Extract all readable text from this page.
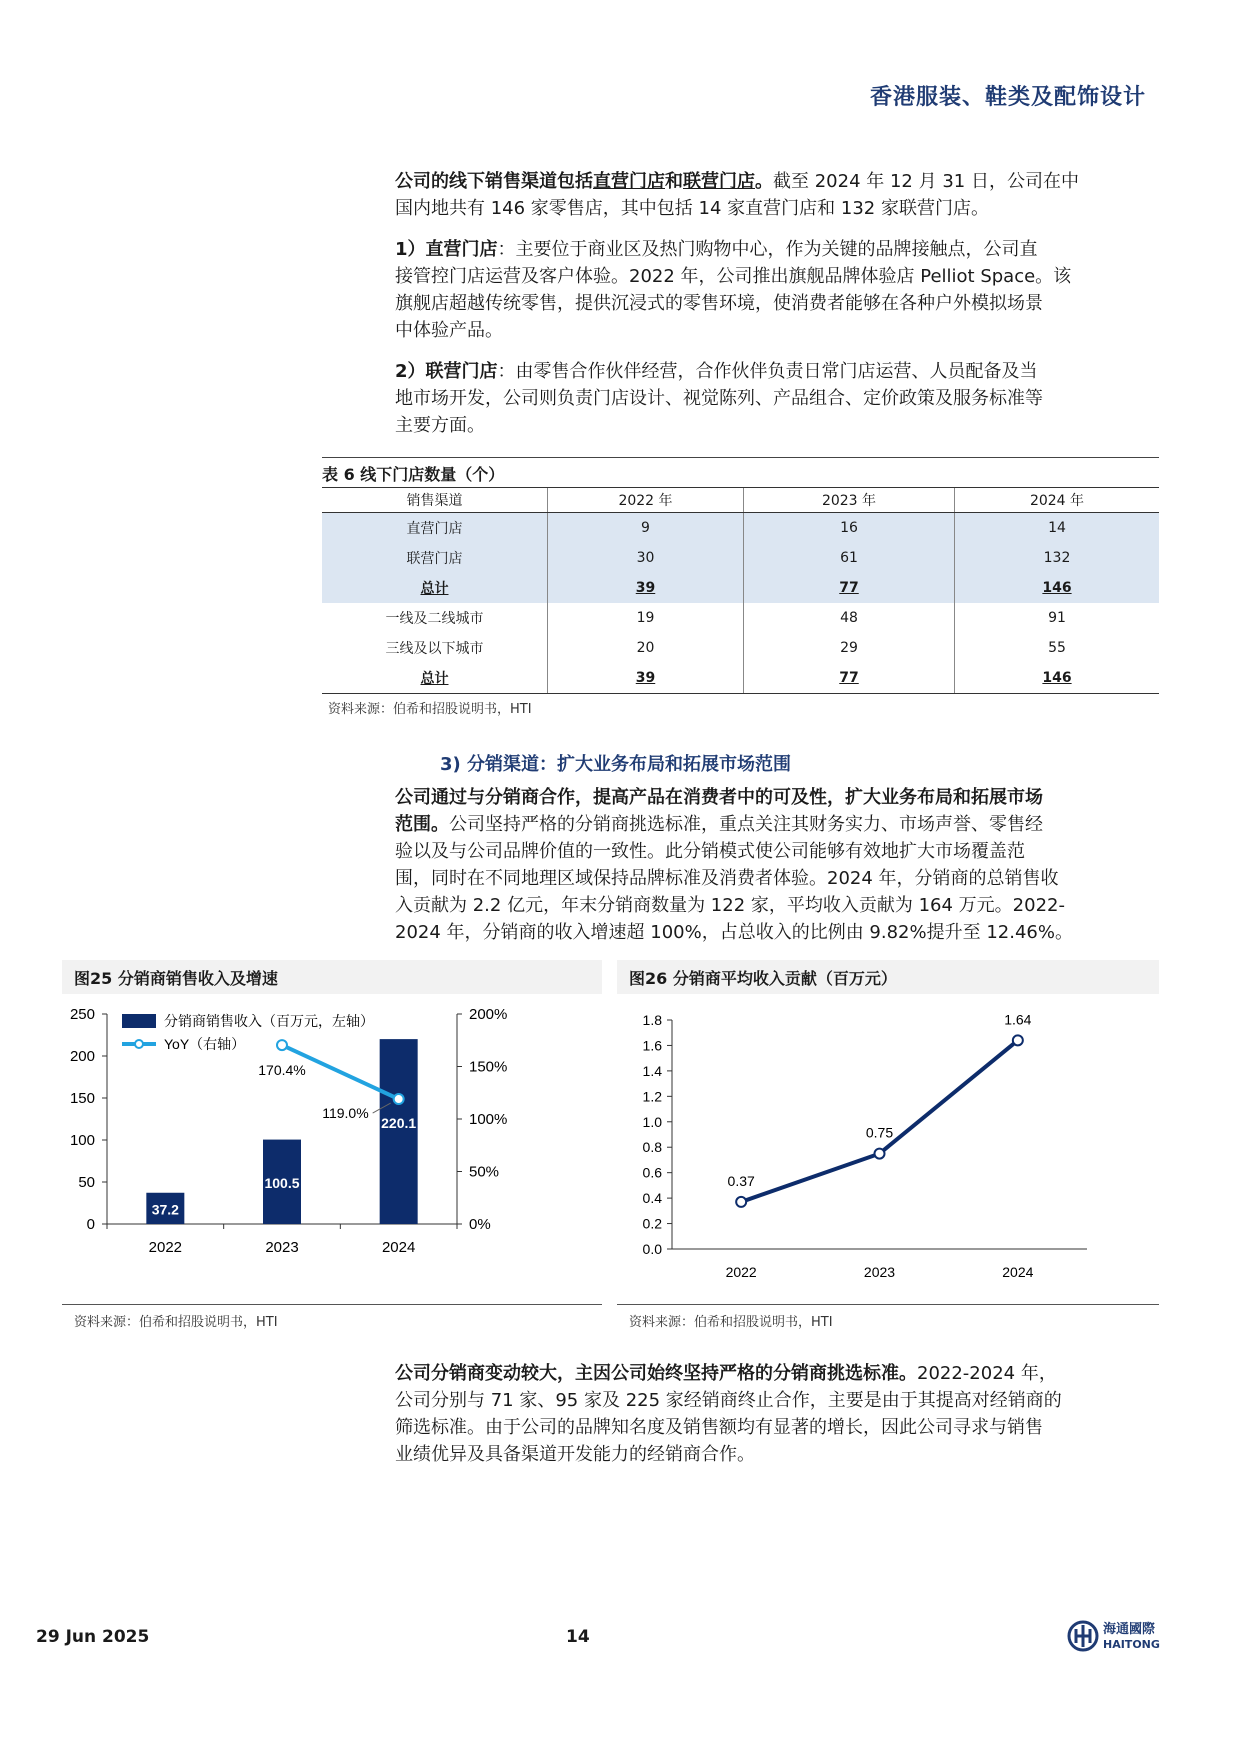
香港服装、鞋类及配饰设计
公司的线下销售渠道包括直营门店和联营门店。截至 2024 年 12 月 31 日，公司在中
国内地共有 146 家零售店，其中包括 14 家直营门店和 132 家联营门店。
1）直营门店：主要位于商业区及热门购物中心，作为关键的品牌接触点，公司直
接管控门店运营及客户体验。2022 年，公司推出旗舰品牌体验店 Pelliot Space。该
旗舰店超越传统零售，提供沉浸式的零售环境，使消费者能够在各种户外模拟场景
中体验产品。
2）联营门店：由零售合作伙伴经营，合作伙伴负责日常门店运营、人员配备及当
地市场开发，公司则负责门店设计、视觉陈列、产品组合、定价政策及服务标准等
主要方面。
表 6 线下门店数量（个）
销售渠道	2022 年	2023 年	2024 年
直营门店	9	16	14
联营门店	30	61	132
总计	39	77	146
一线及二线城市	19	48	91
三线及以下城市	20	29	55
总计	39	77	146
资料来源：伯希和招股说明书，HTI
3) 分销渠道：扩大业务布局和拓展市场范围
公司通过与分销商合作，提高产品在消费者中的可及性，扩大业务布局和拓展市场
范围。公司坚持严格的分销商挑选标准，重点关注其财务实力、市场声誉、零售经
验以及与公司品牌价值的一致性。此分销模式使公司能够有效地扩大市场覆盖范
围，同时在不同地理区域保持品牌标准及消费者体验。2024 年，分销商的总销售收
入贡献为 2.2 亿元，年末分销商数量为 122 家，平均收入贡献为 164 万元。2022-
2024 年，分销商的收入增速超 100%，占总收入的比例由 9.82%提升至 12.46%。
图25 分销商销售收入及增速
0
50
100
150
200
250
0%
50%
100%
150%
200%
37.2
100.5
220.1
2022	2023	2024
170.4%
119.0%
分销商销售收入（百万元，左轴）
YoY（右轴）
资料来源：伯希和招股说明书，HTI
图26 分销商平均收入贡献（百万元）
0.0
0.2
0.4
0.6
0.8
1.0
1.2
1.4
1.6
1.8
2022	2023	2024
0.37
0.75
1.64
资料来源：伯希和招股说明书，HTI
公司分销商变动较大，主因公司始终坚持严格的分销商挑选标准。2022-2024 年，
公司分别与 71 家、95 家及 225 家经销商终止合作，主要是由于其提高对经销商的
筛选标准。由于公司的品牌知名度及销售额均有显著的增长，因此公司寻求与销售
业绩优异及具备渠道开发能力的经销商合作。
29 Jun 2025	14	海通國際
HAITONG
